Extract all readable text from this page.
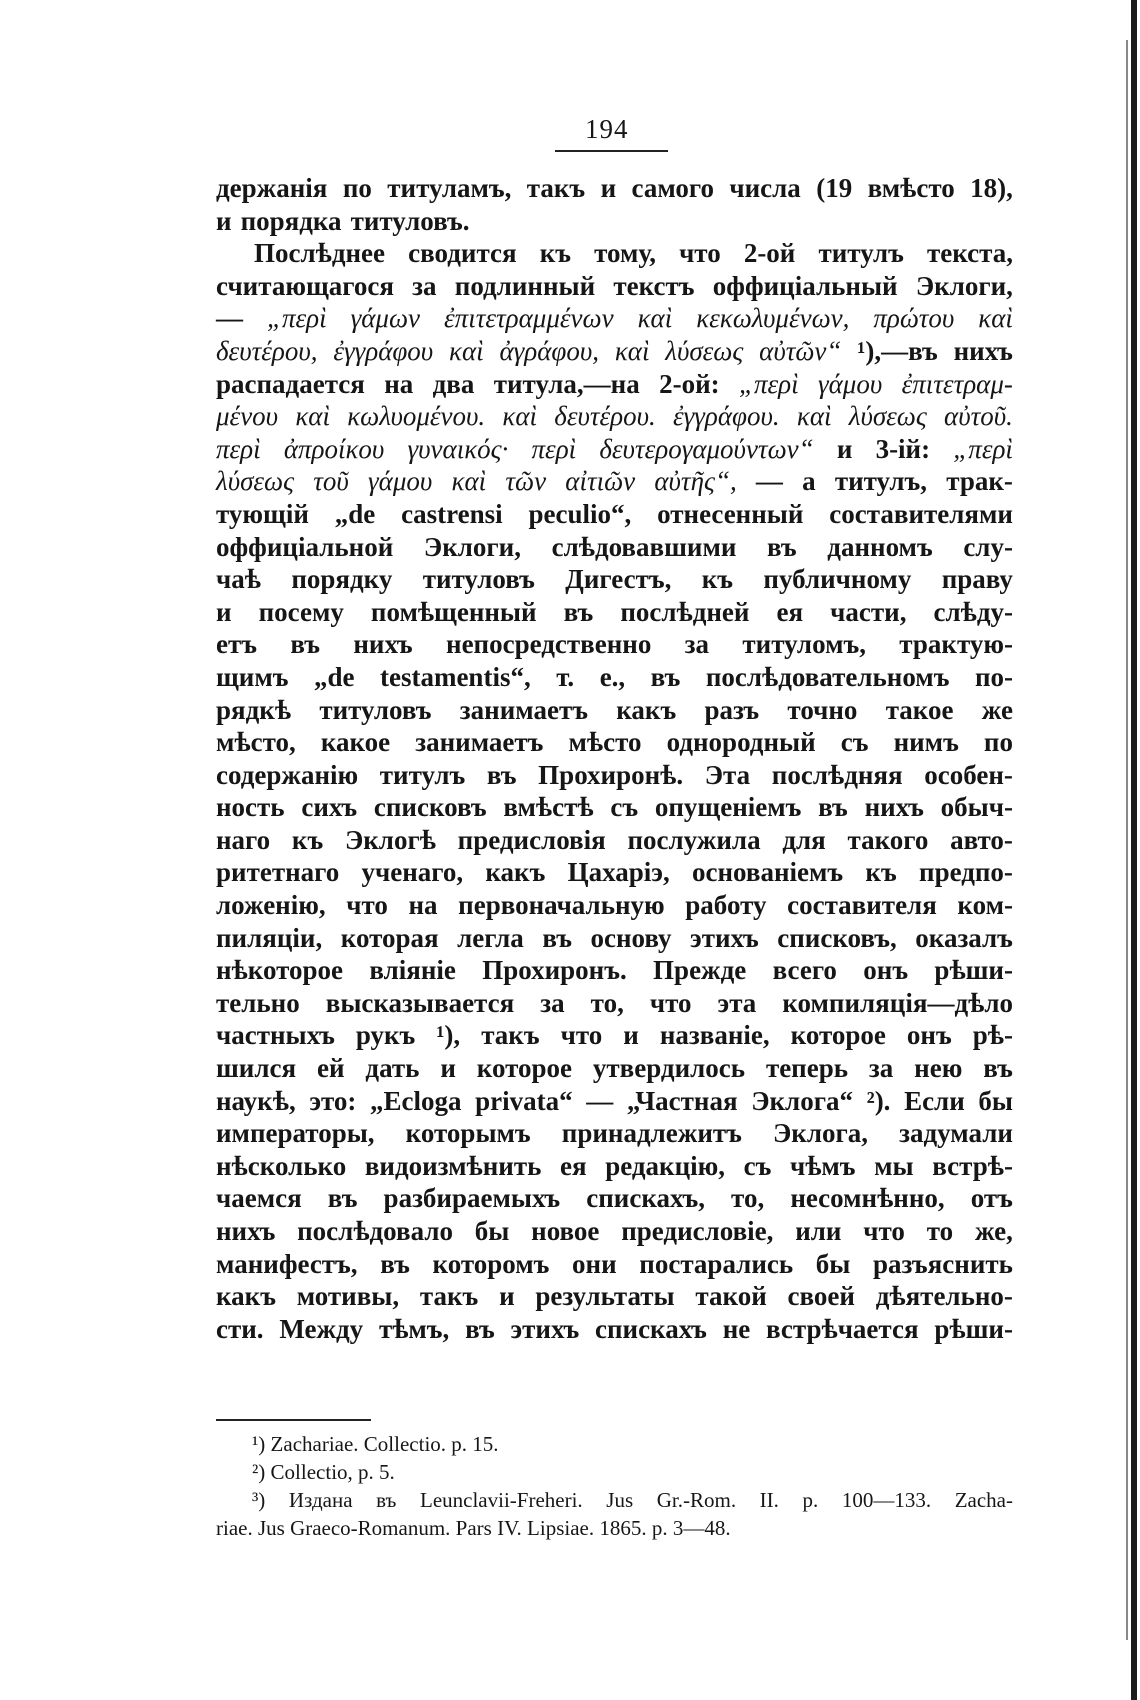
194
держанія по титуламъ, такъ и самого числа (19 вмѣсто 18),
и порядка титуловъ.
Послѣднее сводится къ тому, что 2-ой титулъ текста,
считающагося за подлинный текстъ оффиціальный Эклоги,
— „περὶ γάμων ἐπιτετραμμένων καὶ κεκωλυμένων, πρώτου καὶ
δευτέρου, ἐγγράφου καὶ ἀγράφου, καὶ λύσεως αὐτῶν“ ¹),—въ нихъ
распадается на два титула,—на 2-ой: „περὶ γάμου ἐπιτετραμ-
μένου καὶ κωλυομένου. καὶ δευτέρου. ἐγγράφου. καὶ λύσεως αὐτοῦ.
περὶ ἀπροίκου γυναικός· περὶ δευτερογαμούντων“ и 3-ій: „περὶ
λύσεως τοῦ γάμου καὶ τῶν αἰτιῶν αὐτῆς“, — а титулъ, трак-
тующій „de castrensi peculio“, отнесенный составителями
оффиціальной Эклоги, слѣдовавшими въ данномъ слу-
чаѣ порядку титуловъ Дигестъ, къ публичному праву
и посему помѣщенный въ послѣдней ея части, слѣду-
етъ въ нихъ непосредственно за титуломъ, трактую-
щимъ „de testamentis“, т. е., въ послѣдовательномъ по-
рядкѣ титуловъ занимаетъ какъ разъ точно такое же
мѣсто, какое занимаетъ мѣсто однородный съ нимъ по
содержанію титулъ въ Прохиронѣ. Эта послѣдняя особен-
ность сихъ списковъ вмѣстѣ съ опущеніемъ въ нихъ обыч-
наго къ Эклогѣ предисловія послужила для такого авто-
ритетнаго ученаго, какъ Цахаріэ, основаніемъ къ предпо-
ложенію, что на первоначальную работу составителя ком-
пиляціи, которая легла въ основу этихъ списковъ, оказалъ
нѣкоторое вліяніе Прохиронъ. Прежде всего онъ рѣши-
тельно высказывается за то, что эта компиляція—дѣло
частныхъ рукъ ¹), такъ что и названіе, которое онъ рѣ-
шился ей дать и которое утвердилось теперь за нею въ
наукѣ, это: „Ecloga privata“ — „Частная Эклога“ ²). Если бы
императоры, которымъ принадлежитъ Эклога, задумали
нѣсколько видоизмѣнить ея редакцію, съ чѣмъ мы встрѣ-
чаемся въ разбираемыхъ спискахъ, то, несомнѣнно, отъ
нихъ послѣдовало бы новое предисловіе, или что то же,
манифестъ, въ которомъ они постарались бы разъяснить
какъ мотивы, такъ и результаты такой своей дѣятельно-
сти. Между тѣмъ, въ этихъ спискахъ не встрѣчается рѣши-
¹) Zachariae. Collectio. p. 15.
²) Collectio, p. 5.
³) Издана въ Leunclavii-Freheri. Jus Gr.-Rom. II. p. 100—133. Zacha-
riae. Jus Graeco-Romanum. Pars IV. Lipsiae. 1865. p. 3—48.
